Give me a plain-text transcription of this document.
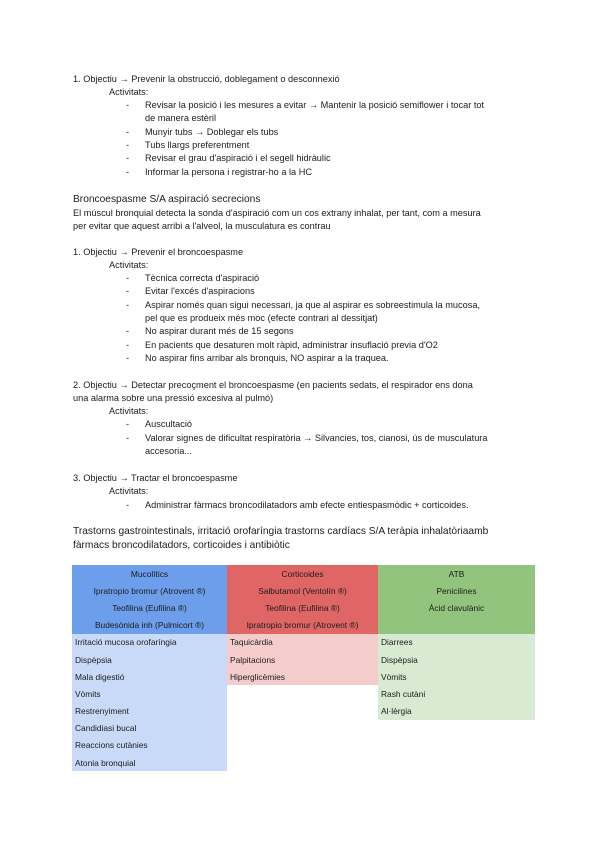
1. Objectiu → Prevenir la obstrucció, doblegament o desconnexió
Activitats:
- Revisar la posició i les mesures a evitar → Mantenir la posició semiflower i tocar tot
de manera estèril
- Munyir tubs → Doblegar els tubs
- Tubs llargs preferentment
- Revisar el grau d'aspiració i el segell hidràulic
- Informar la persona i registrar-ho a la HC
Broncoespasme S/A aspiració secrecions
El múscul bronquial detecta la sonda d'aspiració com un cos extrany inhalat, per tant, com a mesura
per evitar que aquest arribi a l'alveol, la musculatura es contrau
1. Objectiu → Prevenir el broncoespasme
Activitats:
- Tècnica correcta d'aspiració
- Evitar l'excés d'aspiracions
- Aspirar només quan sigui necessari, ja que al aspirar es sobreestimula la mucosa,
pel que es produeix més moc (efecte contrari al dessitjat)
- No aspirar durant més de 15 segons
- En pacients que desaturen molt ràpid, administrar insuflació previa d'O2
- No aspirar fins arribar als bronquis, NO aspirar a la traquea.
2. Objectiu → Detectar precoçment el broncoespasme (en pacients sedats, el respirador ens dona
una alarma sobre una pressió excesiva al pulmó)
Activitats:
- Auscultació
- Valorar signes de dificultat respiratòria → Silvancies, tos, cianosi, ús de musculatura
accesoria...
3. Objectiu → Tractar el broncoespasme
Activitats:
- Administrar fàrmacs broncodilatadors amb efecte entiespasmòdic + corticoides.
Trastorns gastrointestinals, irritació orofaríngia trastorns cardíacs S/A teràpia inhalatòriaamb
fàrmacs broncodilatadors, corticoides i antibiòtic
Mucolítics	Corticoides	ATB
Ipratropio bromur (Atrovent ®)	Salbutamol (Ventolín ®)	Penicilines
Teofilina (Eufilina ®)	Teofilina (Eufilina ®)	Àcid clavulànic
Budesònida inh (Pulmicort ®)	Ipratropio bromur (Atrovent ®)	
Irritació mucosa orofaríngia	Taquicàrdia	Diarrees
Dispèpsia	Palpitacions	Dispèpsia
Mala digestió	Hiperglicèmies	Vòmits
Vòmits		Rash cutàni
Restrenyiment		Al·lèrgia
Candidiasi bucal		
Reaccions cutànies		
Atonia bronquial		
